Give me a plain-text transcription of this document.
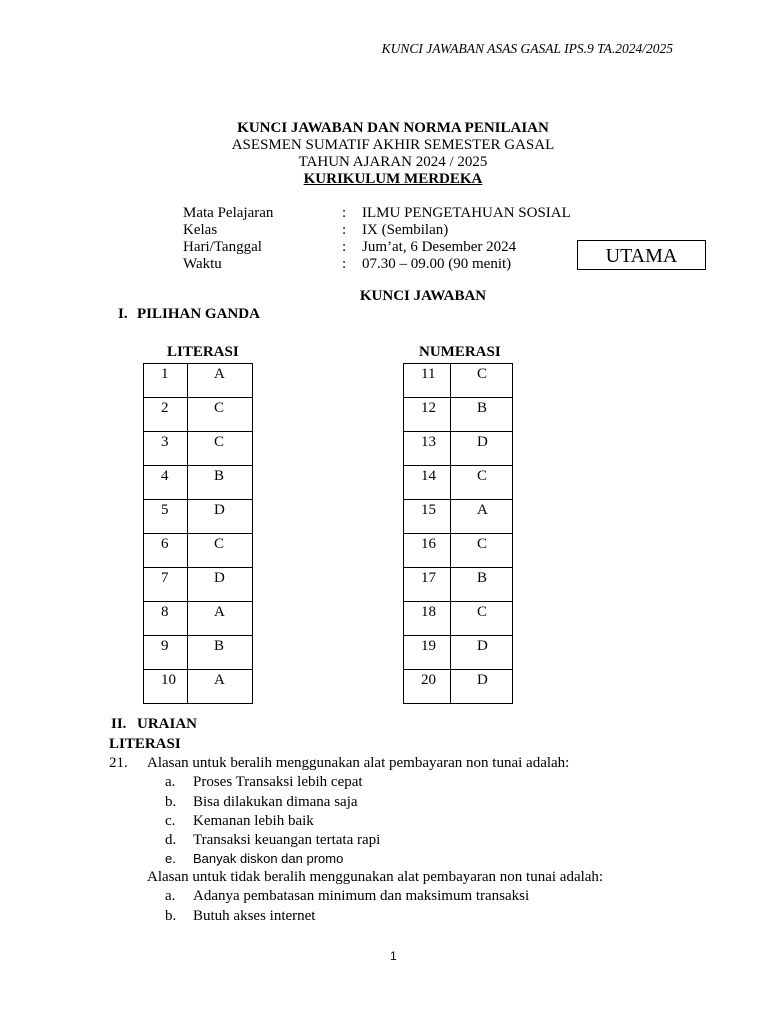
KUNCI JAWABAN ASAS GASAL IPS.9 TA.2024/2025
KUNCI JAWABAN DAN NORMA PENILAIAN
ASESMEN SUMATIF AKHIR SEMESTER GASAL
TAHUN AJARAN 2024 / 2025
KURIKULUM MERDEKA
Mata Pelajaran	: ILMU PENGETAHUAN SOSIAL
Kelas	: IX (Sembilan)
Hari/Tanggal	: Jum’at, 6 Desember 2024
Waktu	: 07.30 – 09.00 (90 menit)	UTAMA
KUNCI JAWABAN
I. PILIHAN GANDA
LITERASI	NUMERASI
1	A
2	C
3	C
4	B
5	D
6	C
7	D
8	A
9	B
10	A
11	C
12	B
13	D
14	C
15	A
16	C
17	B
18	C
19	D
20	D
II. URAIAN
LITERASI
21. Alasan untuk beralih menggunakan alat pembayaran non tunai adalah:
a. Proses Transaksi lebih cepat
b. Bisa dilakukan dimana saja
c. Kemanan lebih baik
d. Transaksi keuangan tertata rapi
e. Banyak diskon dan promo
Alasan untuk tidak beralih menggunakan alat pembayaran non tunai adalah:
a. Adanya pembatasan minimum dan maksimum transaksi
b. Butuh akses internet
1
